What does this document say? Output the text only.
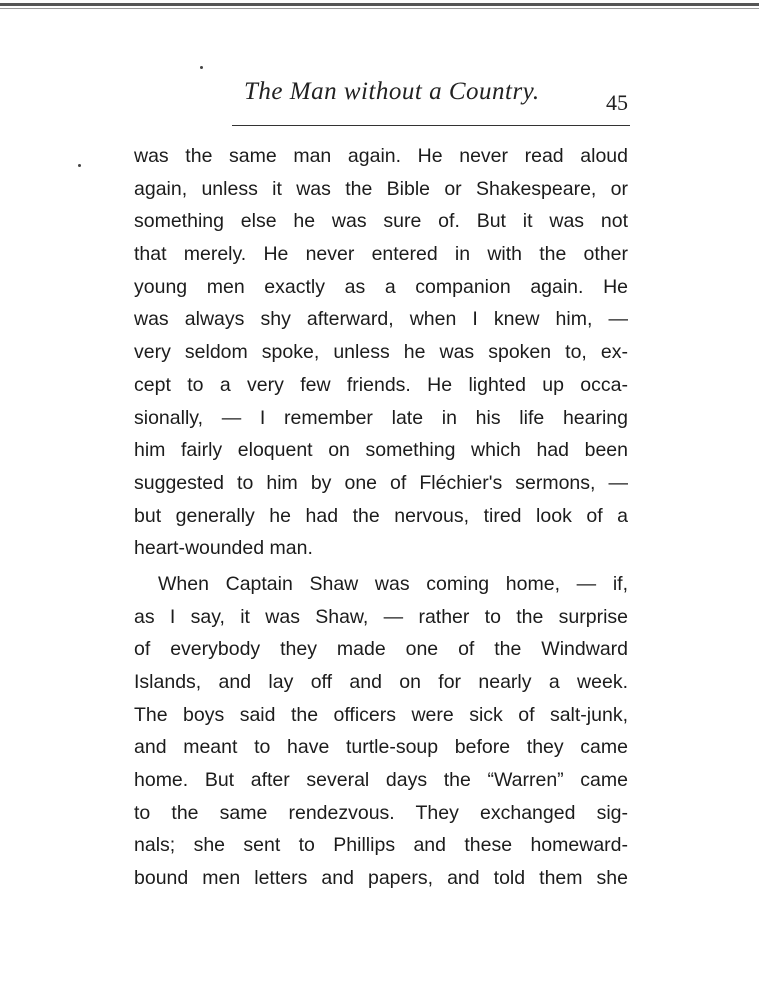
The Man without a Country.	45
was the same man again. He never read aloud
again, unless it was the Bible or Shakespeare, or
something else he was sure of. But it was not
that merely. He never entered in with the other
young men exactly as a companion again. He
was always shy afterward, when I knew him, —
very seldom spoke, unless he was spoken to, ex-
cept to a very few friends. He lighted up occa-
sionally, — I remember late in his life hearing
him fairly eloquent on something which had been
suggested to him by one of Fléchier's sermons, —
but generally he had the nervous, tired look of a
heart-wounded man.
When Captain Shaw was coming home, — if,
as I say, it was Shaw, — rather to the surprise
of everybody they made one of the Windward
Islands, and lay off and on for nearly a week.
The boys said the officers were sick of salt-junk,
and meant to have turtle-soup before they came
home. But after several days the “Warren” came
to the same rendezvous. They exchanged sig-
nals; she sent to Phillips and these homeward-
bound men letters and papers, and told them she
